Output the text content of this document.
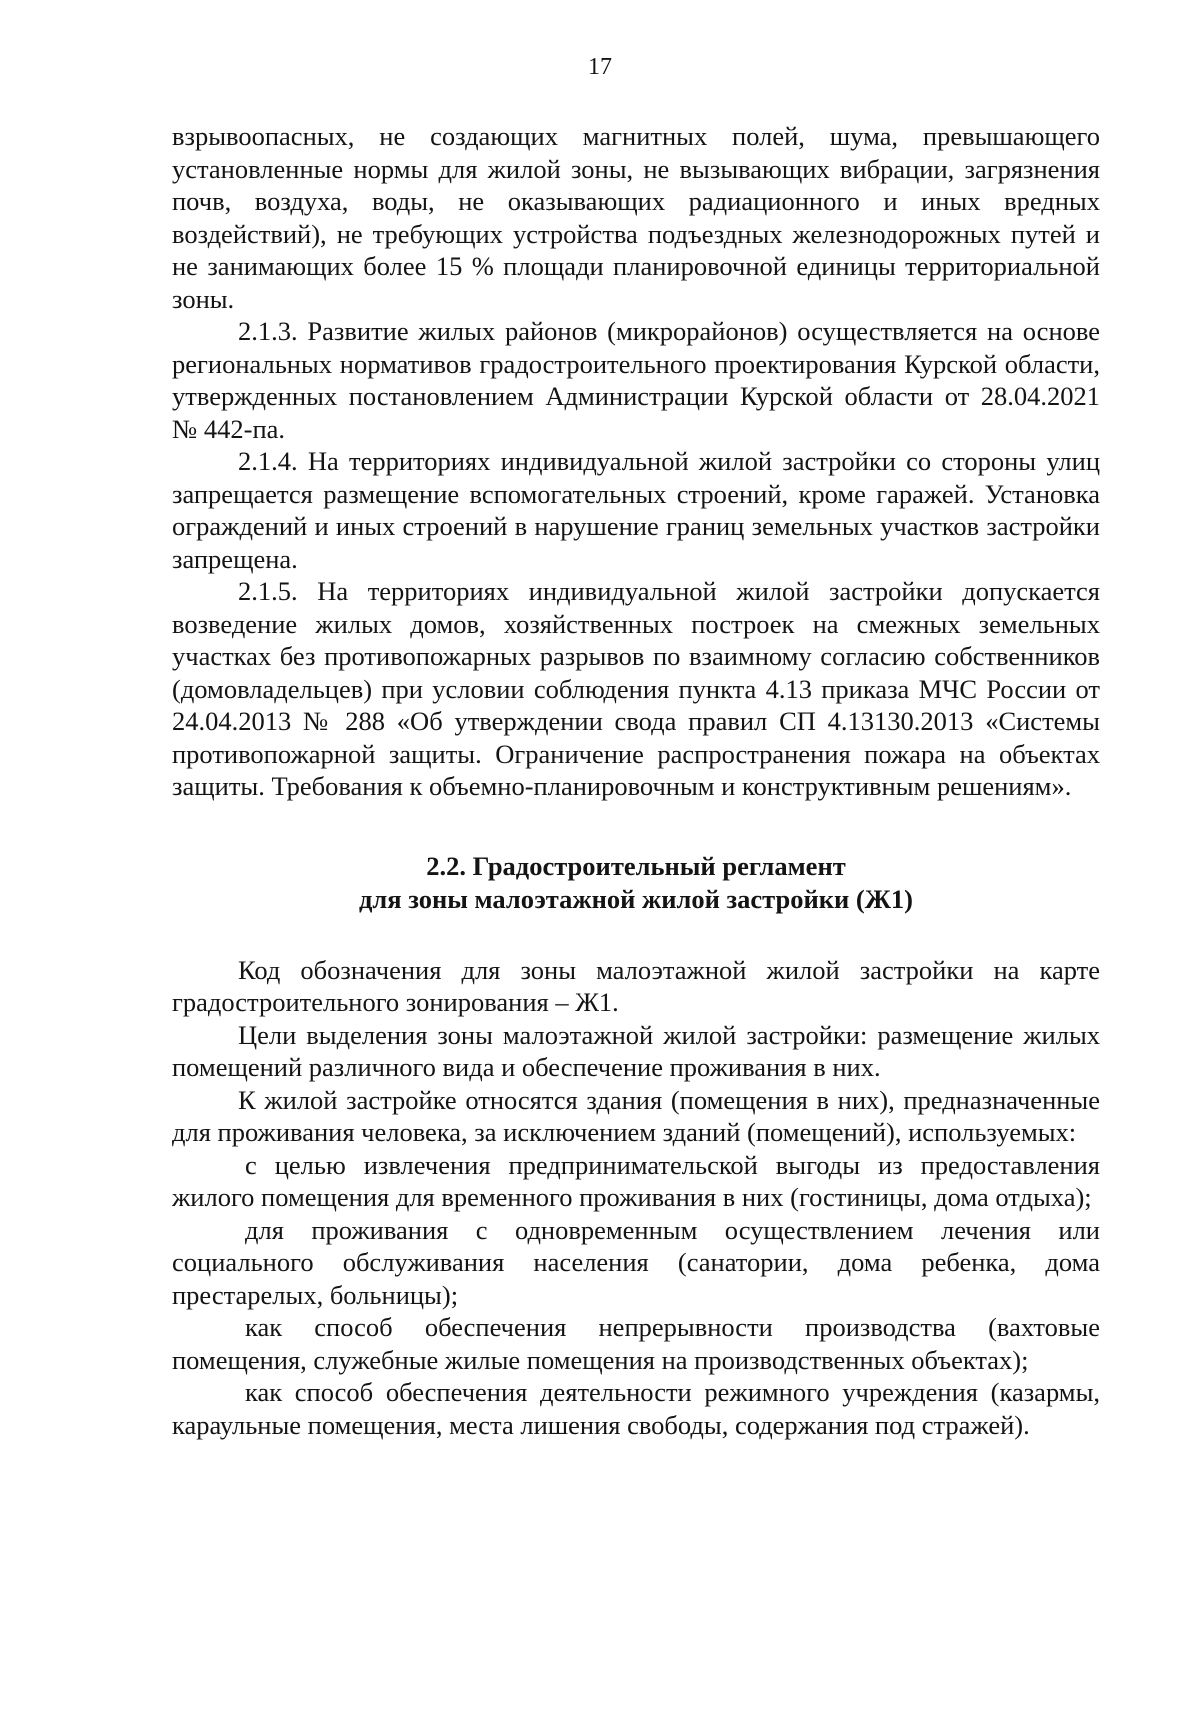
17

взрывоопасных, не создающих магнитных полей, шума, превышающего установленные нормы для жилой зоны, не вызывающих вибрации, загрязнения почв, воздуха, воды, не оказывающих радиационного и иных вредных воздействий), не требующих устройства подъездных железнодорожных путей и не занимающих более 15 % площади планировочной единицы территориальной зоны.

2.1.3. Развитие жилых районов (микрорайонов) осуществляется на основе региональных нормативов градостроительного проектирования Курской области, утвержденных постановлением Администрации Курской области от 28.04.2021 № 442-па.

2.1.4. На территориях индивидуальной жилой застройки со стороны улиц запрещается размещение вспомогательных строений, кроме гаражей. Установка ограждений и иных строений в нарушение границ земельных участков застройки запрещена.

2.1.5. На территориях индивидуальной жилой застройки допускается возведение жилых домов, хозяйственных построек на смежных земельных участках без противопожарных разрывов по взаимному согласию собственников (домовладельцев) при условии соблюдения пункта 4.13 приказа МЧС России от 24.04.2013 № 288 «Об утверждении свода правил СП 4.13130.2013 «Системы противопожарной защиты. Ограничение распространения пожара на объектах защиты. Требования к объемно-планировочным и конструктивным решениям».

2.2. Градостроительный регламент
для зоны малоэтажной жилой застройки (Ж1)

Код обозначения для зоны малоэтажной жилой застройки на карте градостроительного зонирования – Ж1.

Цели выделения зоны малоэтажной жилой застройки: размещение жилых помещений различного вида и обеспечение проживания в них.

К жилой застройке относятся здания (помещения в них), предназначенные для проживания человека, за исключением зданий (помещений), используемых:

с целью извлечения предпринимательской выгоды из предоставления жилого помещения для временного проживания в них (гостиницы, дома отдыха);

для проживания с одновременным осуществлением лечения или социального обслуживания населения (санатории, дома ребенка, дома престарелых, больницы);

как способ обеспечения непрерывности производства (вахтовые помещения, служебные жилые помещения на производственных объектах);

как способ обеспечения деятельности режимного учреждения (казармы, караульные помещения, места лишения свободы, содержания под стражей).
